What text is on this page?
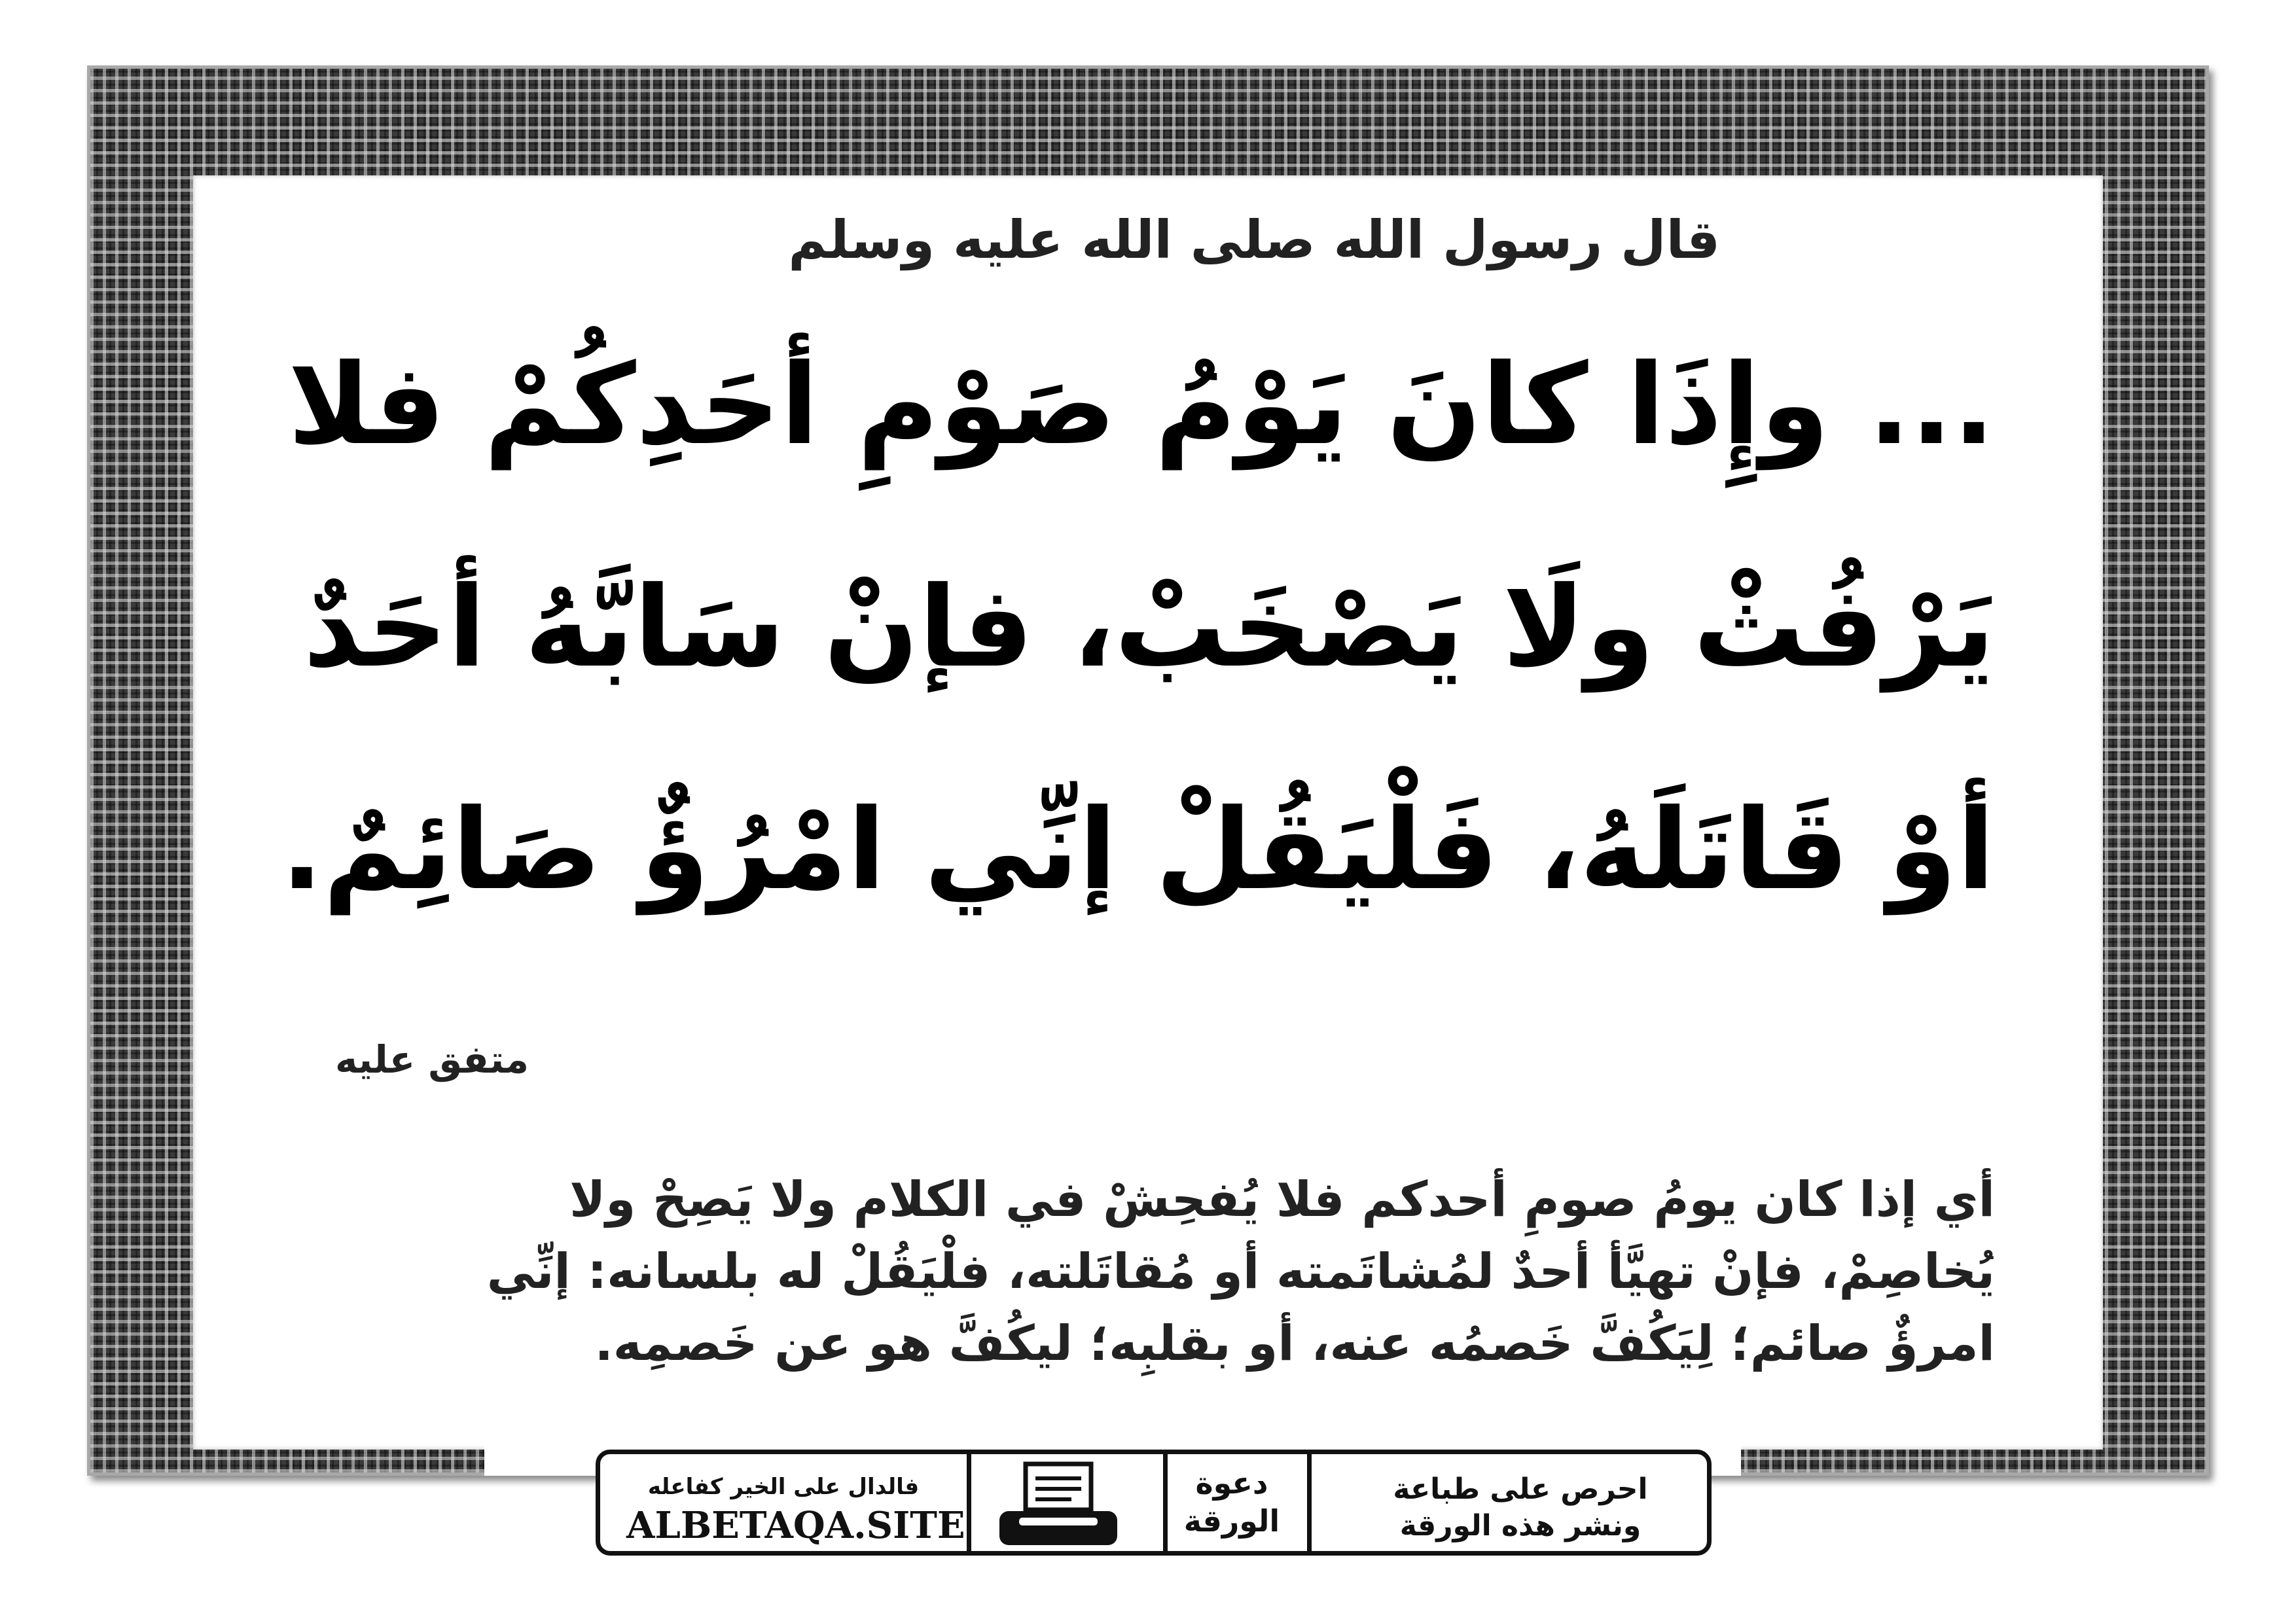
قال رسول الله صلى الله عليه وسلم
... وإِذَا كانَ يَوْمُ صَوْمِ أحَدِكُمْ فلا
يَرْفُثْ ولَا يَصْخَبْ، فإنْ سَابَّهُ أحَدٌ
أوْ قَاتَلَهُ، فَلْيَقُلْ إنِّي امْرُؤٌ صَائِمٌ.
متفق عليه
أي إذا كان يومُ صومِ أحدكم فلا يُفحِشْ في الكلام ولا يَصِحْ ولا
يُخاصِمْ، فإنْ تهيَّأ أحدٌ لمُشاتَمته أو مُقاتَلته، فلْيَقُلْ له بلسانه: إنِّي
امرؤٌ صائم؛ لِيَكُفَّ خَصمُه عنه، أو بقلبِه؛ ليكُفَّ هو عن خَصمِه.
فالدال على الخير كفاعله
ALBETAQA.SITE
دعوة الورقة
احرص على طباعة
ونشر هذه الورقة
